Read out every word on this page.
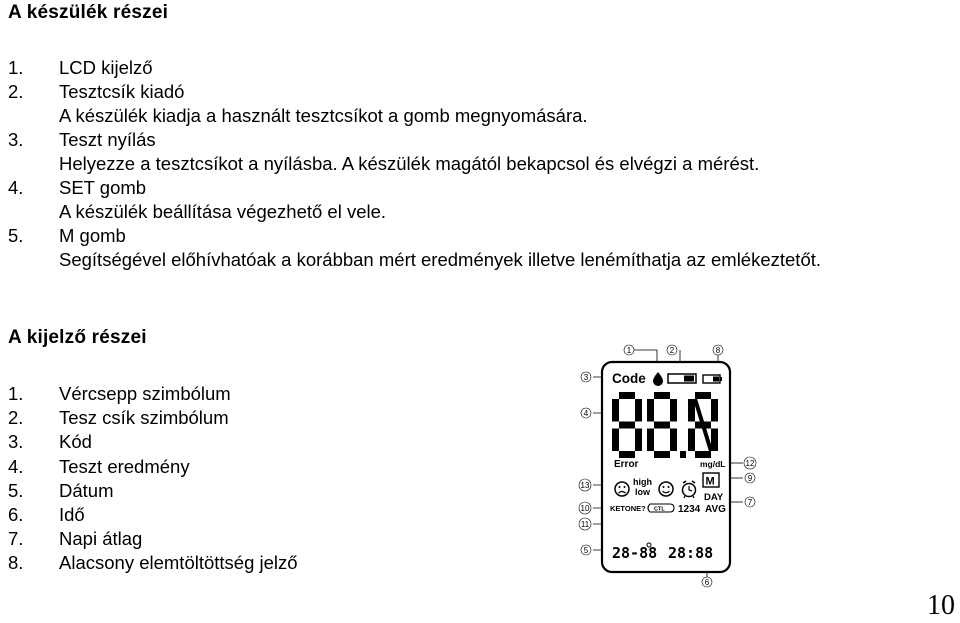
A készülék részei
1.	LCD kijelző
2.	Tesztcsík kiadó
A készülék kiadja a használt tesztcsíkot a gomb megnyomására.
3.	Teszt nyílás
Helyezze a tesztcsíkot a nyílásba. A készülék magától bekapcsol és elvégzi a mérést.
4.	SET gomb
A készülék beállítása végezhető el vele.
5.	M gomb
Segítségével előhívhatóak a korábban mért eredmények illetve lenémíthatja az emlékeztetőt.
A kijelző részei
1.	Vércsepp szimbólum
2.	Tesz csík szimbólum
3.	Kód
4.	Teszt eredmény
5.	Dátum
6.	Idő
7.	Napi átlag
8.	Alacsony elemtöltöttség jelző
1	2	8
3
4
12
9
13
7
10
11
5
6
Code
Error	mg/dL
high
low
M
DAY
KETONE? CTL 1234 AVG
28-88 28:88
10
